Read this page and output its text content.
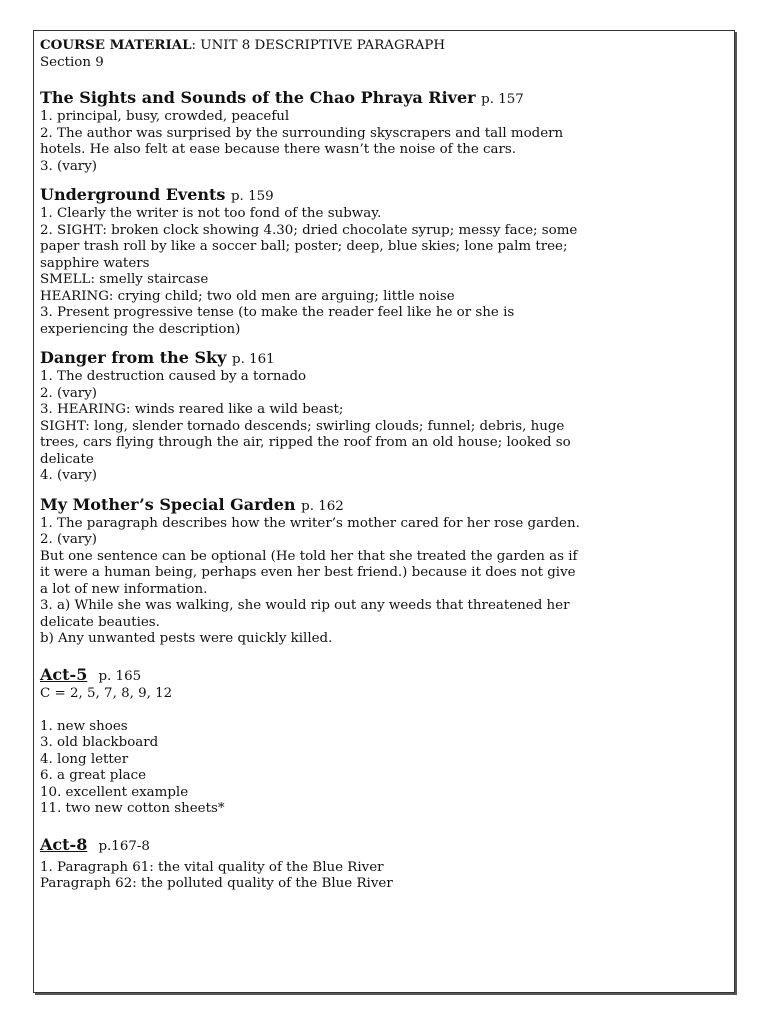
COURSE MATERIAL: UNIT 8 DESCRIPTIVE PARAGRAPH
Section 9
The Sights and Sounds of the Chao Phraya River p. 157
1. principal, busy, crowded, peaceful
2. The author was surprised by the surrounding skyscrapers and tall modern
hotels. He also felt at ease because there wasn’t the noise of the cars.
3. (vary)
Underground Events p. 159
1. Clearly the writer is not too fond of the subway.
2. SIGHT: broken clock showing 4.30; dried chocolate syrup; messy face; some
paper trash roll by like a soccer ball; poster; deep, blue skies; lone palm tree;
sapphire waters
SMELL: smelly staircase
HEARING: crying child; two old men are arguing; little noise
3. Present progressive tense (to make the reader feel like he or she is
experiencing the description)
Danger from the Sky p. 161
1. The destruction caused by a tornado
2. (vary)
3. HEARING: winds reared like a wild beast;
SIGHT: long, slender tornado descends; swirling clouds; funnel; debris, huge
trees, cars flying through the air, ripped the roof from an old house; looked so
delicate
4. (vary)
My Mother’s Special Garden p. 162
1. The paragraph describes how the writer’s mother cared for her rose garden.
2. (vary)
But one sentence can be optional (He told her that she treated the garden as if
it were a human being, perhaps even her best friend.) because it does not give
a lot of new information.
3. a) While she was walking, she would rip out any weeds that threatened her
delicate beauties.
b) Any unwanted pests were quickly killed.
Act-5 p. 165
C = 2, 5, 7, 8, 9, 12
1. new shoes
3. old blackboard
4. long letter
6. a great place
10. excellent example
11. two new cotton sheets*
Act-8 p.167-8
1. Paragraph 61: the vital quality of the Blue River
Paragraph 62: the polluted quality of the Blue River
